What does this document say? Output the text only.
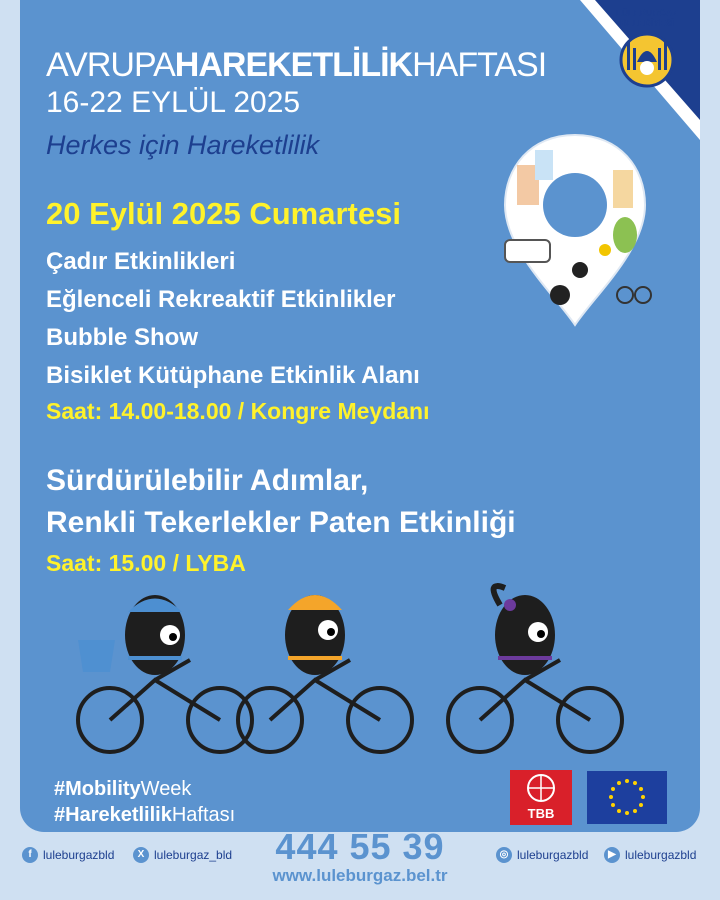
LÜLEBURGAZ
BELEDİYESİ
AVRUPAHAREKETLİLİKHAFTASI
16-22 EYLÜL 2025
Herkes için Hareketlilik
20 Eylül 2025 Cumartesi
Çadır Etkinlikleri
Eğlenceli Rekreaktif Etkinlikler
Bubble Show
Bisiklet Kütüphane Etkinlik Alanı
Saat: 14.00-18.00 / Kongre Meydanı
Sürdürülebilir Adımlar,
Renkli Tekerlekler Paten Etkinliği
Saat: 15.00 / LYBA
#MobilityWeek
#HareketlilikHaftası	TBB
444 55 39
www.luleburgaz.bel.tr
f luleburgazbld	X luleburgaz_bld	◎ luleburgazbld	▶ luleburgazbld
